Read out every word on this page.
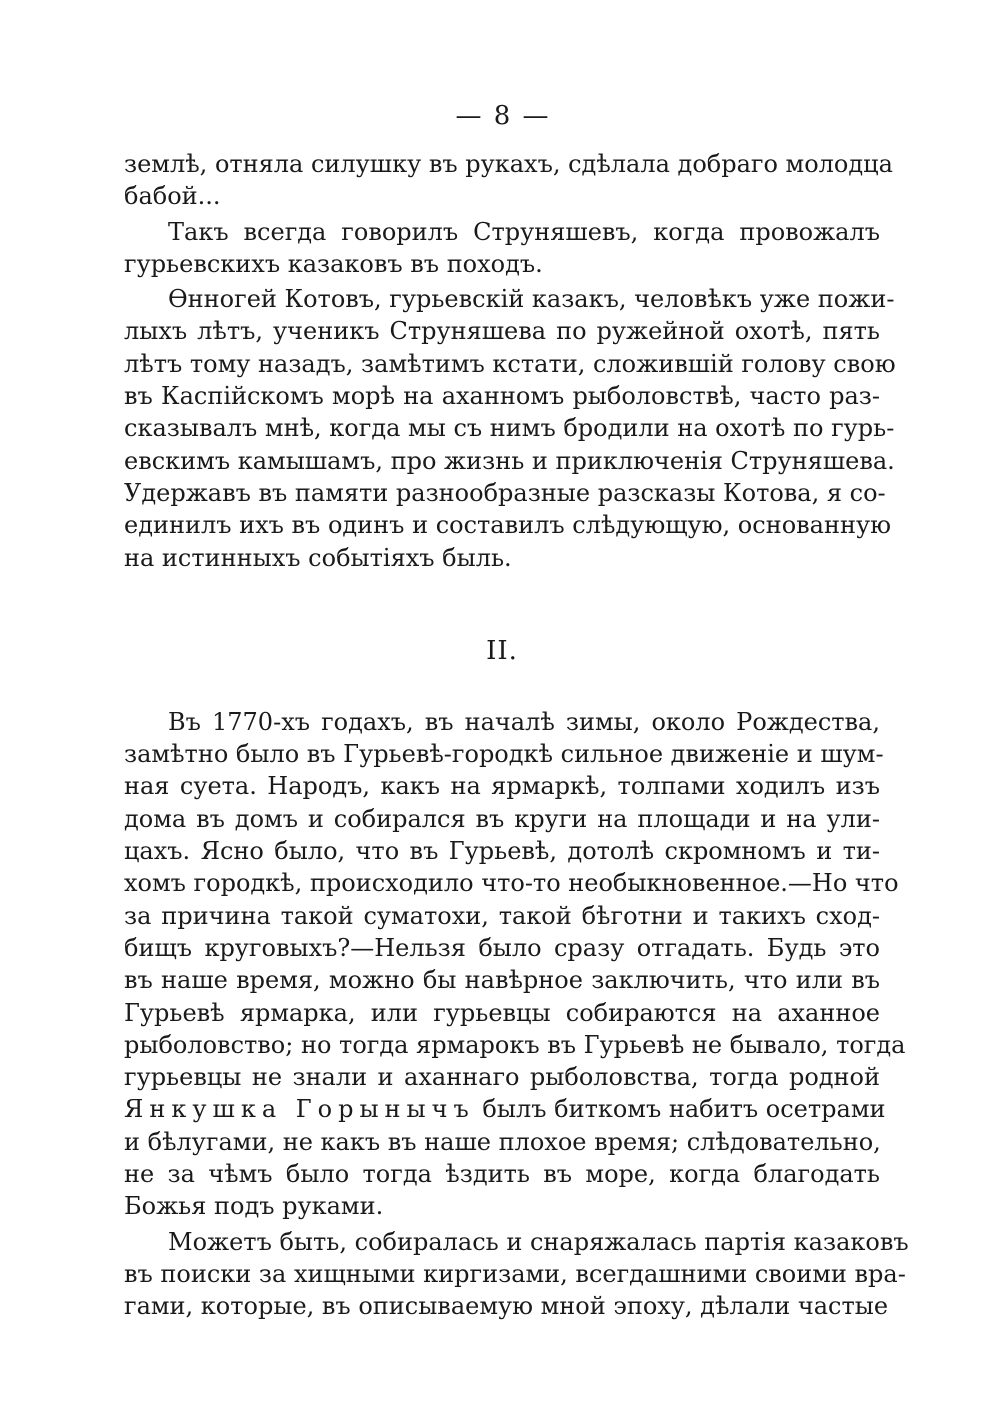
— 8 —
землѣ, отняла силушку въ рукахъ, сдѣлала добраго молодца
бабой...
Такъ всегда говорилъ Струняшевъ, когда провожалъ
гурьевскихъ казаковъ въ походъ.
Өнногей Котовъ, гурьевскій казакъ, человѣкъ уже пожи-
лыхъ лѣтъ, ученикъ Струняшева по ружейной охотѣ, пять
лѣтъ тому назадъ, замѣтимъ кстати, сложившій голову свою
въ Каспійскомъ морѣ на аханномъ рыболовствѣ, часто раз-
сказывалъ мнѣ, когда мы съ нимъ бродили на охотѣ по гурь-
евскимъ камышамъ, про жизнь и приключенія Струняшева.
Удержавъ въ памяти разнообразные разсказы Котова, я со-
единилъ ихъ въ одинъ и составилъ слѣдующую, основанную
на истинныхъ событіяхъ быль.
II.
Въ 1770-хъ годахъ, въ началѣ зимы, около Рождества,
замѣтно было въ Гурьевѣ-городкѣ сильное движеніе и шум-
ная суета. Народъ, какъ на ярмаркѣ, толпами ходилъ изъ
дома въ домъ и собирался въ круги на площади и на ули-
цахъ. Ясно было, что въ Гурьевѣ, дотолѣ скромномъ и ти-
хомъ городкѣ, происходило что-то необыкновенное.—Но что
за причина такой суматохи, такой бѣготни и такихъ сход-
бищъ круговыхъ?—Нельзя было сразу отгадать. Будь это
въ наше время, можно бы навѣрное заключить, что или въ
Гурьевѣ ярмарка, или гурьевцы собираются на аханное
рыболовство; но тогда ярмарокъ въ Гурьевѣ не бывало, тогда
гурьевцы не знали и аханнаго рыболовства, тогда родной
Янкушка Горынычъ былъ биткомъ набитъ осетрами
и бѣлугами, не какъ въ наше плохое время; слѣдовательно,
не за чѣмъ было тогда ѣздить въ море, когда благодать
Божья подъ руками.
Можетъ быть, собиралась и снаряжалась партія казаковъ
въ поиски за хищными киргизами, всегдашними своими вра-
гами, которые, въ описываемую мной эпоху, дѣлали частые
